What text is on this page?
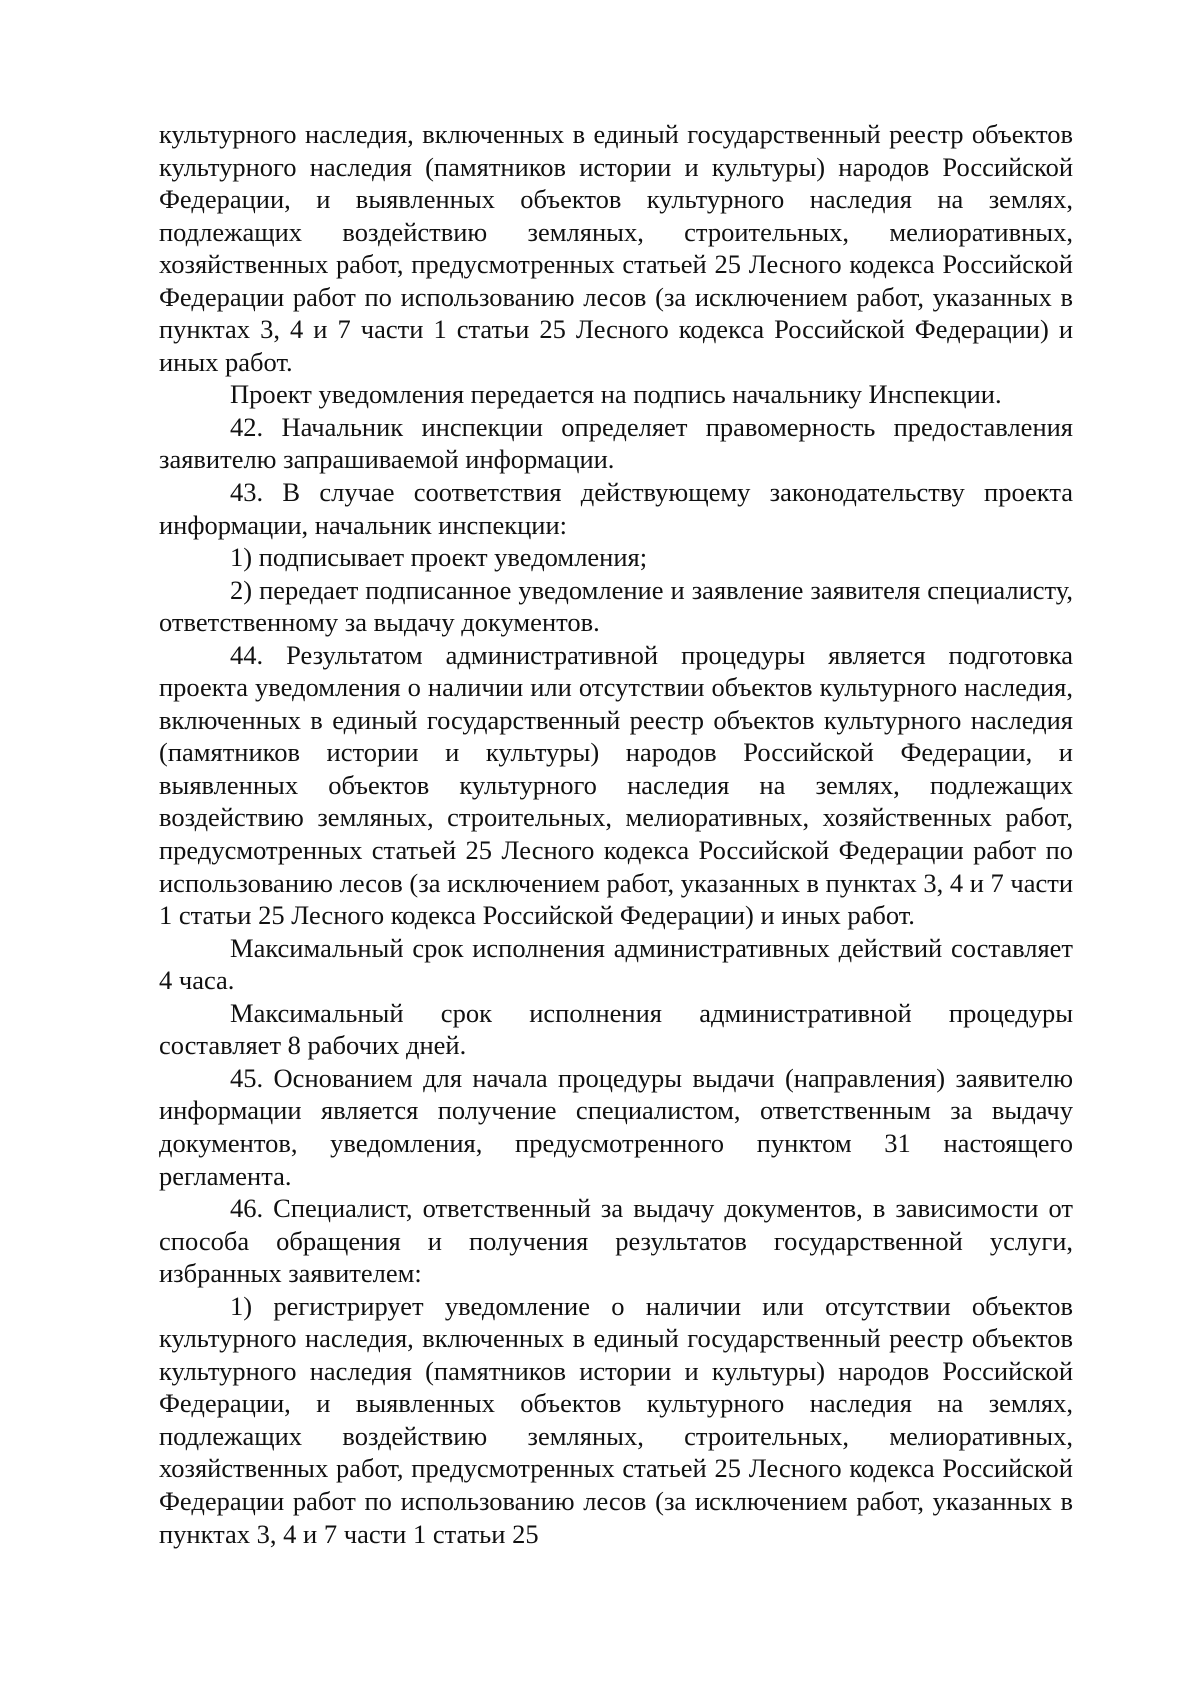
культурного наследия, включенных в единый государственный реестр объектов культурного наследия (памятников истории и культуры) народов Российской Федерации, и выявленных объектов культурного наследия на землях, подлежащих воздействию земляных, строительных, мелиоративных, хозяйственных работ, предусмотренных статьей 25 Лесного кодекса Российской Федерации работ по использованию лесов (за исключением работ, указанных в пунктах 3, 4 и 7 части 1 статьи 25 Лесного кодекса Российской Федерации) и иных работ.

Проект уведомления передается на подпись начальнику Инспекции.

42. Начальник инспекции определяет правомерность предоставления заявителю запрашиваемой информации.

43. В случае соответствия действующему законодательству проекта информации, начальник инспекции:

1) подписывает проект уведомления;

2) передает подписанное уведомление и заявление заявителя специалисту, ответственному за выдачу документов.

44. Результатом административной процедуры является подготовка проекта уведомления о наличии или отсутствии объектов культурного наследия, включенных в единый государственный реестр объектов культурного наследия (памятников истории и культуры) народов Российской Федерации, и выявленных объектов культурного наследия на землях, подлежащих воздействию земляных, строительных, мелиоративных, хозяйственных работ, предусмотренных статьей 25 Лесного кодекса Российской Федерации работ по использованию лесов (за исключением работ, указанных в пунктах 3, 4 и 7 части 1 статьи 25 Лесного кодекса Российской Федерации) и иных работ.

Максимальный срок исполнения административных действий составляет 4 часа.

Максимальный срок исполнения административной процедуры составляет 8 рабочих дней.

45. Основанием для начала процедуры выдачи (направления) заявителю информации является получение специалистом, ответственным за выдачу документов, уведомления, предусмотренного пунктом 31 настоящего регламента.

46. Специалист, ответственный за выдачу документов, в зависимости от способа обращения и получения результатов государственной услуги, избранных заявителем:

1) регистрирует уведомление о наличии или отсутствии объектов культурного наследия, включенных в единый государственный реестр объектов культурного наследия (памятников истории и культуры) народов Российской Федерации, и выявленных объектов культурного наследия на землях, подлежащих воздействию земляных, строительных, мелиоративных, хозяйственных работ, предусмотренных статьей 25 Лесного кодекса Российской Федерации работ по использованию лесов (за исключением работ, указанных в пунктах 3, 4 и 7 части 1 статьи 25
